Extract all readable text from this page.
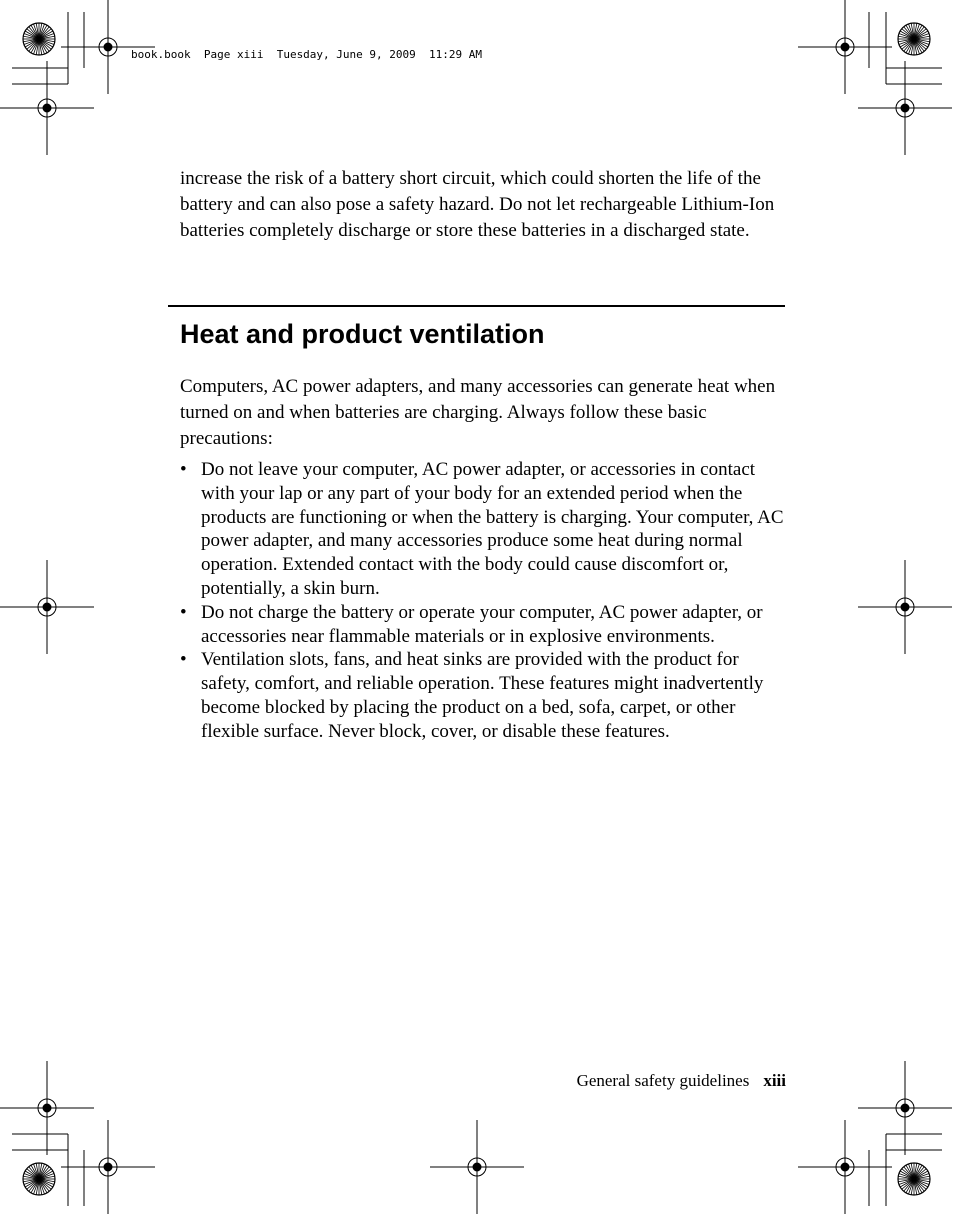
book.book  Page xiii  Tuesday, June 9, 2009  11:29 AM

increase the risk of a battery short circuit, which could shorten the life of the battery and can also pose a safety hazard. Do not let rechargeable Lithium-Ion batteries completely discharge or store these batteries in a discharged state.

Heat and product ventilation

Computers, AC power adapters, and many accessories can generate heat when turned on and when batteries are charging. Always follow these basic precautions:

• Do not leave your computer, AC power adapter, or accessories in contact with your lap or any part of your body for an extended period when the products are functioning or when the battery is charging. Your computer, AC power adapter, and many accessories produce some heat during normal operation. Extended contact with the body could cause discomfort or, potentially, a skin burn.
• Do not charge the battery or operate your computer, AC power adapter, or accessories near flammable materials or in explosive environments.
• Ventilation slots, fans, and heat sinks are provided with the product for safety, comfort, and reliable operation. These features might inadvertently become blocked by placing the product on a bed, sofa, carpet, or other flexible surface. Never block, cover, or disable these features.
General safety guidelines xiii
